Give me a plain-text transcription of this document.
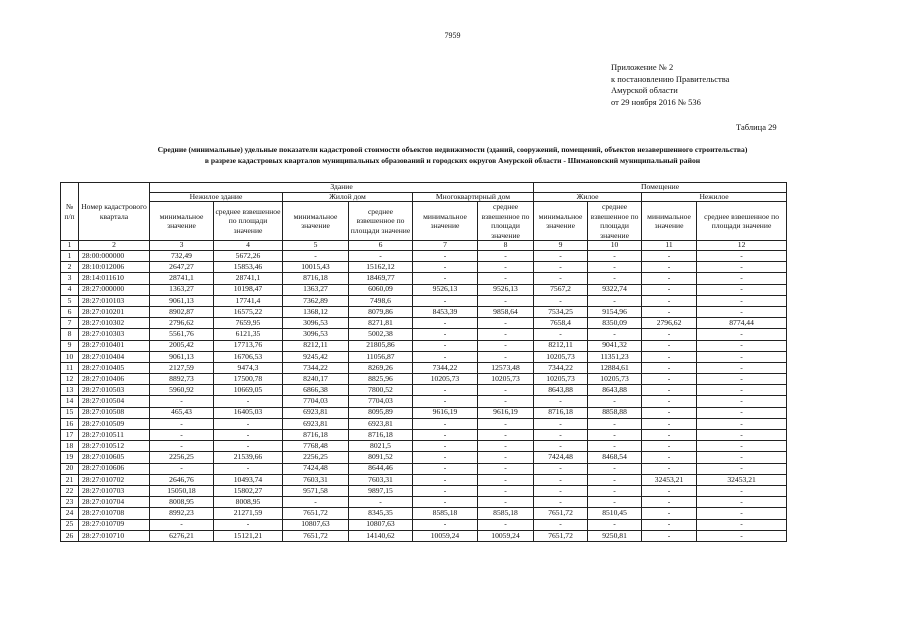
7959
Приложение № 2
к постановлению Правительства
Амурской области
от 29 ноября 2016 № 536
Таблица 29
Средние (минимальные) удельные показатели кадастровой стоимости объектов недвижимости (зданий, сооружений, помещений, объектов незавершенного строительства)
в разрезе кадастровых кварталов муниципальных образований и городских округов Амурской области - Шимановский муниципальный район
№ п/п	Номер кадастрового квартала	Здание						Помещение			
		Нежилое здание		Жилой дом		Многоквартирный дом		Жилое		Нежилое	
		минимальное значение	среднее взвешенное по площади значение	минимальное значение	среднее взвешенное по площади значение	минимальное значение	среднее взвешенное по площади значение	минимальное значение	среднее взвешенное по площади значение	минимальное значение	среднее взвешенное по площади значение
1	2	3	4	5	6	7	8	9	10	11	12
1	28:00:000000	732,49	5672,26	-	-	-	-	-	-	-	-
2	28:10:012006	2647,27	15853,46	10015,43	15162,12	-	-	-	-	-	-
3	28:14:011610	28741,1	28741,1	8716,18	18469,77	-	-	-	-	-	-
4	28:27:000000	1363,27	10198,47	1363,27	6060,09	9526,13	9526,13	7567,2	9322,74	-	-
5	28:27:010103	9061,13	17741,4	7362,89	7498,6	-	-	-	-	-	-
6	28:27:010201	8902,87	16575,22	1368,12	8079,86	8453,39	9858,64	7534,25	9154,96	-	-
7	28:27:010302	2796,62	7659,95	3096,53	8271,81	-	-	7658,4	8350,09	2796,62	8774,44
8	28:27:010303	5561,76	6121,35	3096,53	5002,38	-	-	-	-	-	-
9	28:27:010401	2005,42	17713,76	8212,11	21805,86	-	-	8212,11	9041,32	-	-
10	28:27:010404	9061,13	16706,53	9245,42	11056,87	-	-	10205,73	11351,23	-	-
11	28:27:010405	2127,59	9474,3	7344,22	8269,26	7344,22	12573,48	7344,22	12884,61	-	-
12	28:27:010406	8892,73	17500,78	8240,17	8825,96	10205,73	10205,73	10205,73	10205,73	-	-
13	28:27:010503	5960,92	10669,05	6866,38	7800,52	-	-	8643,88	8643,88	-	-
14	28:27:010504	-	-	7704,03	7704,03	-	-	-	-	-	-
15	28:27:010508	465,43	16405,03	6923,81	8095,89	9616,19	9616,19	8716,18	8858,88	-	-
16	28:27:010509	-	-	6923,81	6923,81	-	-	-	-	-	-
17	28:27:010511	-	-	8716,18	8716,18	-	-	-	-	-	-
18	28:27:010512	-	-	7768,48	8021,5	-	-	-	-	-	-
19	28:27:010605	2256,25	21539,66	2256,25	8091,52	-	-	7424,48	8468,54	-	-
20	28:27:010606	-	-	7424,48	8644,46	-	-	-	-	-	-
21	28:27:010702	2646,76	10493,74	7603,31	7603,31	-	-	-	-	32453,21	32453,21
22	28:27:010703	15050,18	15802,27	9571,58	9897,15	-	-	-	-	-	-
23	28:27:010704	8008,95	8008,95	-	-	-	-	-	-	-	-
24	28:27:010708	8992,23	21271,59	7651,72	8345,35	8585,18	8585,18	7651,72	8510,45	-	-
25	28:27:010709	-	-	10807,63	10807,63	-	-	-	-	-	-
26	28:27:010710	6276,21	15121,21	7651,72	14140,62	10059,24	10059,24	7651,72	9250,81	-	-
